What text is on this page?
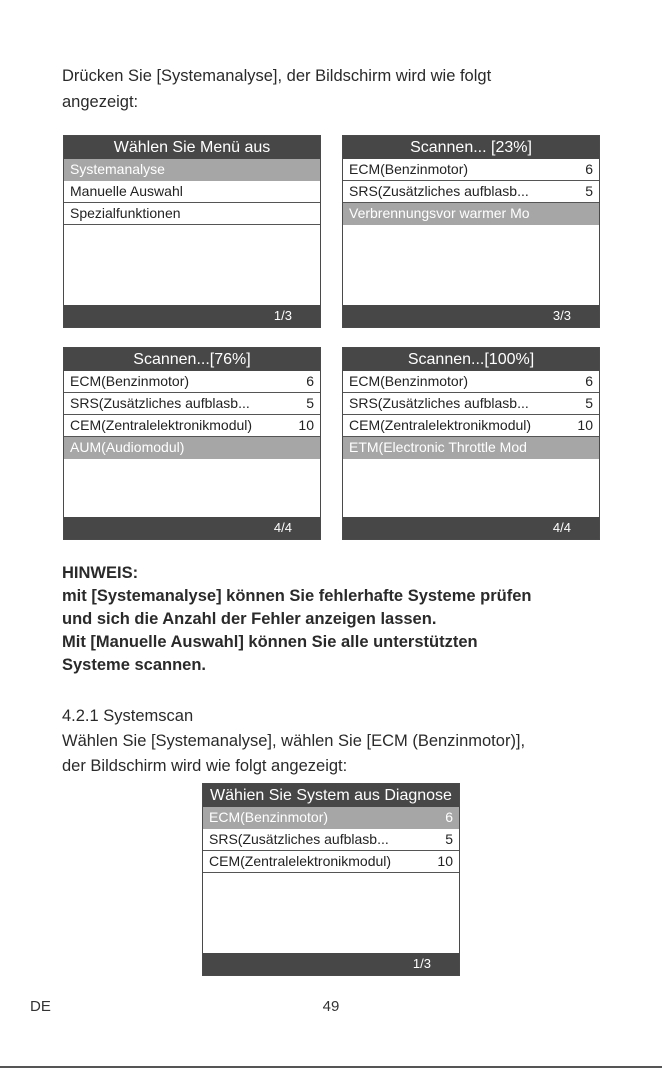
Drücken Sie [Systemanalyse], der Bildschirm wird wie folgt

angezeigt:

Wählen Sie Menü aus
Systemanalyse
Manuelle Auswahl
Spezialfunktionen
1/3
Scannen... [23%]
ECM(Benzinmotor)	6
SRS(Zusätzliches aufblasb...	5
Verbrennungsvor warmer Mo
3/3
Scannen...[76%]
ECM(Benzinmotor)	6
SRS(Zusätzliches aufblasb...	5
CEM(Zentralelektronikmodul)	10
AUM(Audiomodul)
4/4
Scannen...[100%]
ECM(Benzinmotor)	6
SRS(Zusätzliches aufblasb...	5
CEM(Zentralelektronikmodul)	10
ETM(Electronic Throttle Mod
4/4

HINWEIS:

mit [Systemanalyse] können Sie fehlerhafte Systeme prüfen

und sich die Anzahl der Fehler anzeigen lassen.

Mit [Manuelle Auswahl] können Sie alle unterstützten

Systeme scannen.

4.2.1 Systemscan

Wählen Sie [Systemanalyse], wählen Sie [ECM (Benzinmotor)],

der Bildschirm wird wie folgt angezeigt:

Wähien Sie System aus Diagnose
ECM(Benzinmotor)	6
SRS(Zusätzliches aufblasb...	5
CEM(Zentralelektronikmodul)	10
1/3
DE	49
